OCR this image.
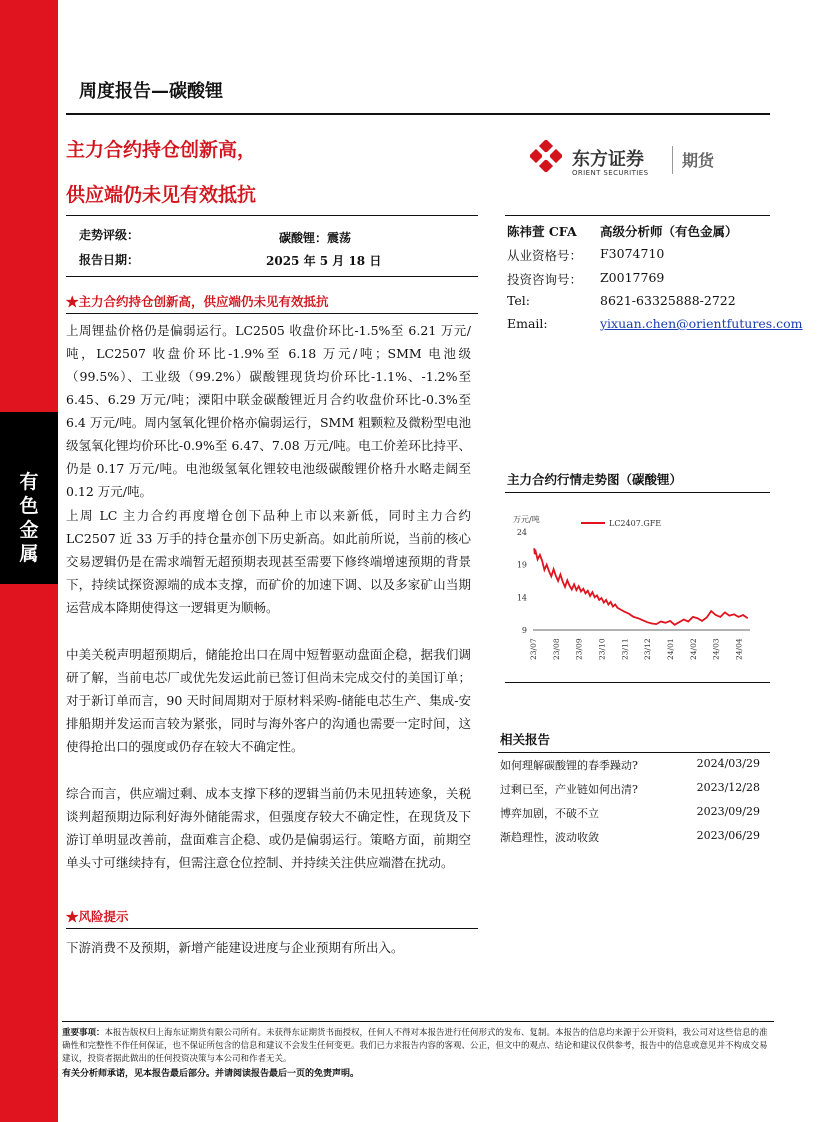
有色金属
周度报告—碳酸锂
主力合约持仓创新高，
供应端仍未见有效抵抗
东方证券
ORIENT SECURITIES
期货
走势评级：	碳酸锂：震荡
报告日期：	2025 年 5 月 18 日
陈祎萱 CFA 高级分析师（有色金属）
从业资格号： F3074710
投资咨询号： Z0017769
Tel:	8621-63325888-2722
Email:	yixuan.chen@orientfutures.com
★主力合约持仓创新高，供应端仍未见有效抵抗
上周锂盐价格仍是偏弱运行。LC2505 收盘价环比-1.5%至 6.21 万元/吨，LC2507 收盘价环比-1.9%至 6.18 万元/吨；SMM 电池级（99.5%）、工业级（99.2%）碳酸锂现货均价环比-1.1%、-1.2%至 6.45、6.29 万元/吨；溧阳中联金碳酸锂近月合约收盘价环比-0.3%至 6.4 万元/吨。周内氢氧化锂价格亦偏弱运行，SMM 粗颗粒及微粉型电池级氢氧化锂均价环比-0.9%至 6.47、7.08 万元/吨。电工价差环比持平、仍是 0.17 万元/吨。电池级氢氧化锂较电池级碳酸锂价格升水略走阔至 0.12 万元/吨。
上周 LC 主力合约再度增仓创下品种上市以来新低，同时主力合约 LC2507 近 33 万手的持仓量亦创下历史新高。如此前所说，当前的核心交易逻辑仍是在需求端暂无超预期表现甚至需要下修终端增速预期的背景下，持续试探资源端的成本支撑，而矿价的加速下调、以及多家矿山当期运营成本降期使得这一逻辑更为顺畅。
中美关税声明超预期后，储能抢出口在周中短暂驱动盘面企稳，据我们调研了解，当前电芯厂或优先发运此前已签订但尚未完成交付的美国订单；对于新订单而言，90 天时间周期对于原材料采购-储能电芯生产、集成-安排船期并发运而言较为紧张，同时与海外客户的沟通也需要一定时间，这使得抢出口的强度或仍存在较大不确定性。
综合而言，供应端过剩、成本支撑下移的逻辑当前仍未见扭转迹象，关税谈判超预期边际利好海外储能需求，但强度存较大不确定性，在现货及下游订单明显改善前，盘面难言企稳、或仍是偏弱运行。策略方面，前期空单头寸可继续持有，但需注意仓位控制、并持续关注供应端潜在扰动。
★风险提示
下游消费不及预期，新增产能建设进度与企业预期有所出入。
主力合约行情走势图（碳酸锂）
万元/吨	LC2407.GFE
9
14
19
24
23/07 23/08 23/09 23/10 23/11 23/12 24/01 24/02 24/03 24/04
相关报告
如何理解碳酸锂的春季躁动?	2024/03/29
过剩已至，产业链如何出清?	2023/12/28
博弈加剧，不破不立	2023/09/29
渐趋理性，波动收敛	2023/06/29
重要事项：本报告版权归上海东证期货有限公司所有。未获得东证期货书面授权，任何人不得对本报告进行任何形式的发布、复制。本报告的信息均来源于公开资料，我公司对这些信息的准确性和完整性不作任何保证，也不保证所包含的信息和建议不会发生任何变更。我们已力求报告内容的客观、公正，但文中的观点、结论和建议仅供参考，报告中的信息或意见并不构成交易建议，投资者据此做出的任何投资决策与本公司和作者无关。
有关分析师承诺，见本报告最后部分。并请阅读报告最后一页的免责声明。
